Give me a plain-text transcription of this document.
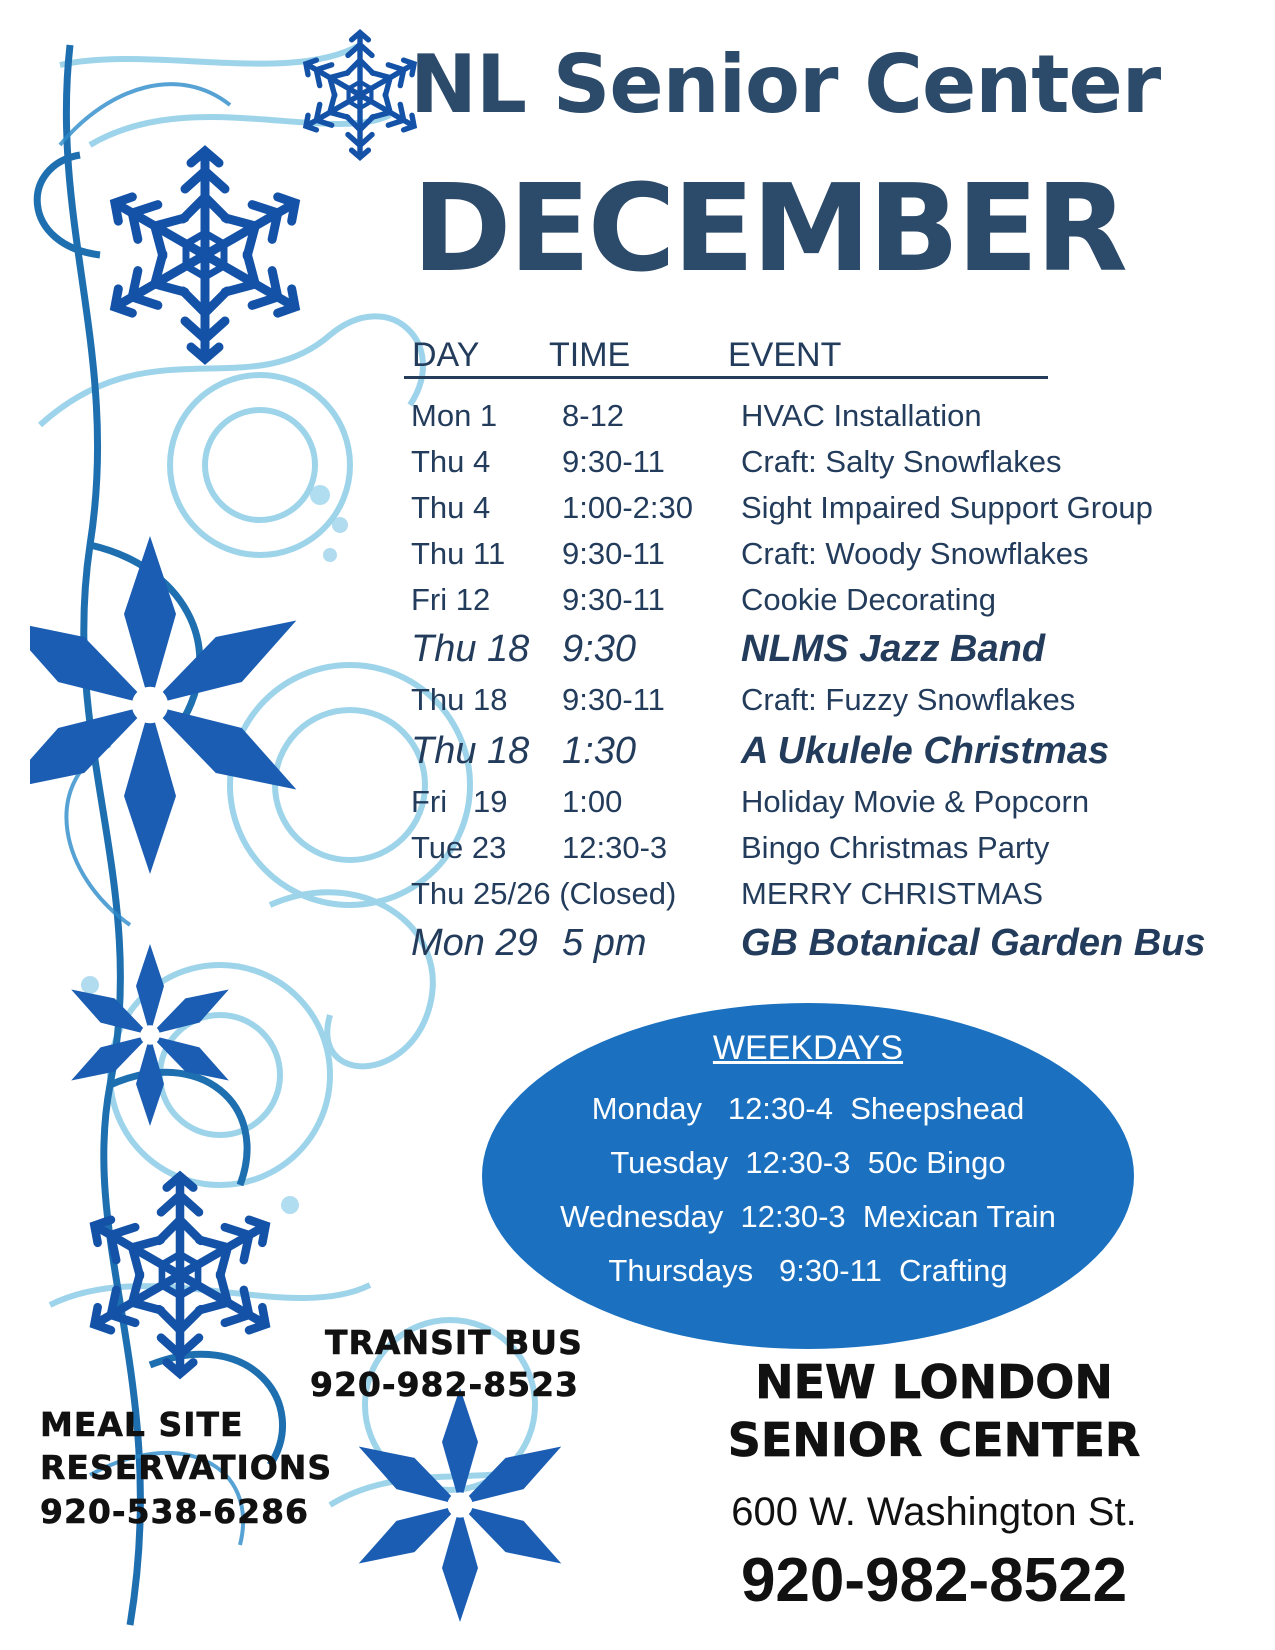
NL Senior Center
DECEMBER
DAY TIME	EVENT
Mon 1 8-12	HVAC Installation
Thu 4 9:30-11 Craft: Salty Snowflakes
Thu 4 1:00-2:30 Sight Impaired Support Group
Thu 11 9:30-11 Craft: Woody Snowflakes
Fri 12 9:30-11 Cookie Decorating
Thu 18 9:30	NLMS Jazz Band
Thu 18 9:30-11 Craft: Fuzzy Snowflakes
Thu 18 1:30	A Ukulele Christmas
Fri   19 1:00	Holiday Movie & Popcorn
Tue 23 12:30-3 Bingo Christmas Party
Thu 25/26 (Closed) MERRY CHRISTMAS
Mon 29 5 pm GB Botanical Garden Bus
WEEKDAYS
Monday   12:30-4  Sheepshead
Tuesday  12:30-3  50c Bingo
Wednesday  12:30-3  Mexican Train
Thursdays   9:30-11  Crafting
TRANSIT BUS
920-982-8523
MEAL SITE
RESERVATIONS
920-538-6286
NEW LONDON
SENIOR CENTER
600 W. Washington St.
920-982-8522
